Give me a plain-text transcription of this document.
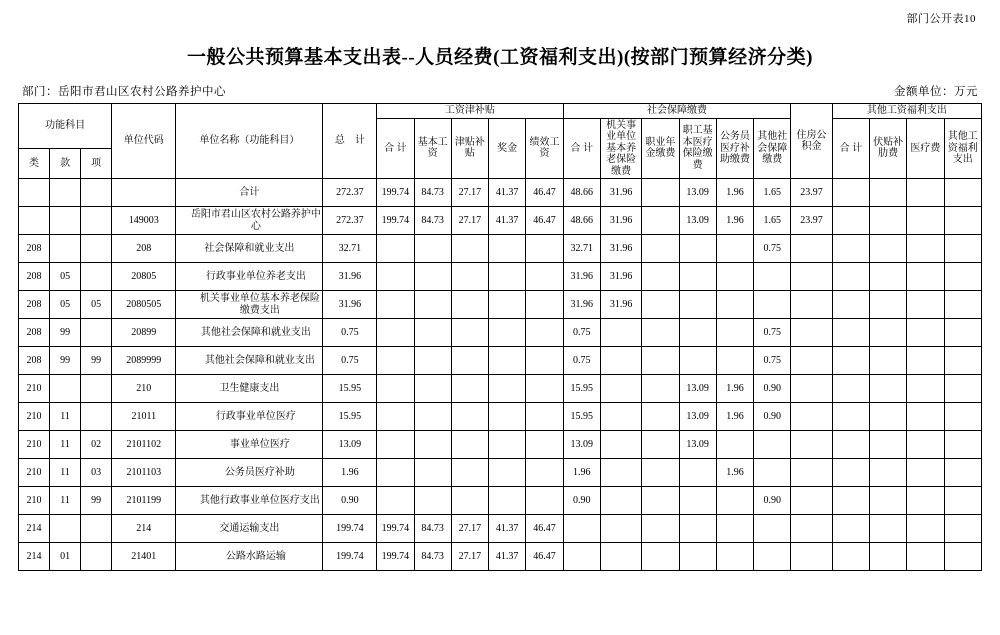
部门公开表10
一般公共预算基本支出表--人员经费(工资福利支出)(按部门预算经济分类)
部门：岳阳市君山区农村公路养护中心	金额单位：万元
功能科目			单位代码	单位名称（功能科目）	总　计	工资津补贴					社会保障缴费						住房公积金	其他工资福利支出			
						合 计	基本工资	津贴补贴	奖金	绩效工资	合 计	机关事业单位基本养老保险缴费	职业年金缴费	职工基本医疗保险缴费	公务员医疗补助缴费	其他社会保障缴费		合 计	伏贴补肋费	医疗费	其他工资福利支出
类	款	项																			
				合计	272.37	199.74	84.73	27.17	41.37	46.47	48.66	31.96		13.09	1.96	1.65	23.97				
			149003	岳阳市君山区农村公路养护中心	272.37	199.74	84.73	27.17	41.37	46.47	48.66	31.96		13.09	1.96	1.65	23.97				
208			208	社会保障和就业支出	32.71						32.71	31.96				0.75					
208	05		20805	行政事业单位养老支出	31.96						31.96	31.96									
208	05	05	2080505	机关事业单位基本养老保险缴费支出	31.96						31.96	31.96									
208	99		20899	其他社会保障和就业支出	0.75						0.75					0.75					
208	99	99	2089999	其他社会保障和就业支出	0.75						0.75					0.75					
210			210	卫生健康支出	15.95						15.95			13.09	1.96	0.90					
210	11		21011	行政事业单位医疗	15.95						15.95			13.09	1.96	0.90					
210	11	02	2101102	事业单位医疗	13.09						13.09			13.09							
210	11	03	2101103	公务员医疗补助	1.96						1.96				1.96						
210	11	99	2101199	其他行政事业单位医疗支出	0.90						0.90					0.90					
214			214	交通运输支出	199.74	199.74	84.73	27.17	41.37	46.47											
214	01		21401	公路水路运输	199.74	199.74	84.73	27.17	41.37	46.47											
